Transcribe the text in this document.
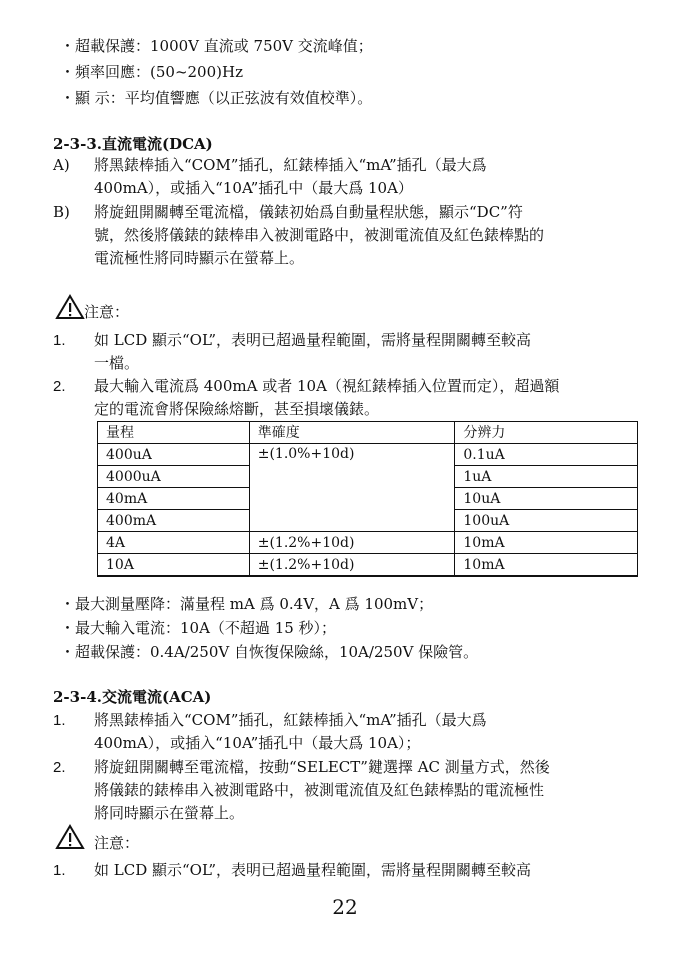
・超載保護：1000V 直流或 750V 交流峰值；
・頻率回應：(50~200)Hz
・顯 示：平均值響應（以正弦波有效值校準）。
2-3-3.直流電流(DCA)
A) 將黑錶棒插入“COM”插孔，紅錶棒插入“mA”插孔（最大爲
400mA），或插入“10A”插孔中（最大爲 10A）
B) 將旋鈕開關轉至電流檔，儀錶初始爲自動量程狀態，顯示“DC”符
號，然後將儀錶的錶棒串入被測電路中，被測電流值及紅色錶棒點的
電流極性將同時顯示在螢幕上。
注意：
1. 如 LCD 顯示“OL”，表明已超過量程範圍，需將量程開關轉至較高
一檔。
2. 最大輸入電流爲 400mA 或者 10A（視紅錶棒插入位置而定），超過額
定的電流會將保險絲熔斷，甚至損壞儀錶。
量程	準確度	分辨力
400uA	±(1.0%+10d)	0.1uA
4000uA		1uA
40mA		10uA
400mA		100uA
4A	±(1.2%+10d)	10mA
10A	±(1.2%+10d)	10mA
・最大測量壓降：滿量程 mA 爲 0.4V，A 爲 100mV；
・最大輸入電流：10A（不超過 15 秒）；
・超載保護：0.4A/250V 自恢復保險絲，10A/250V 保險管。
2-3-4.交流電流(ACA)
1. 將黑錶棒插入“COM”插孔，紅錶棒插入“mA”插孔（最大爲
400mA），或插入“10A”插孔中（最大爲 10A）；
2. 將旋鈕開關轉至電流檔，按動“SELECT”鍵選擇 AC 測量方式，然後
將儀錶的錶棒串入被測電路中，被測電流值及紅色錶棒點的電流極性
將同時顯示在螢幕上。
注意：
1. 如 LCD 顯示“OL”，表明已超過量程範圍，需將量程開關轉至較高
22
